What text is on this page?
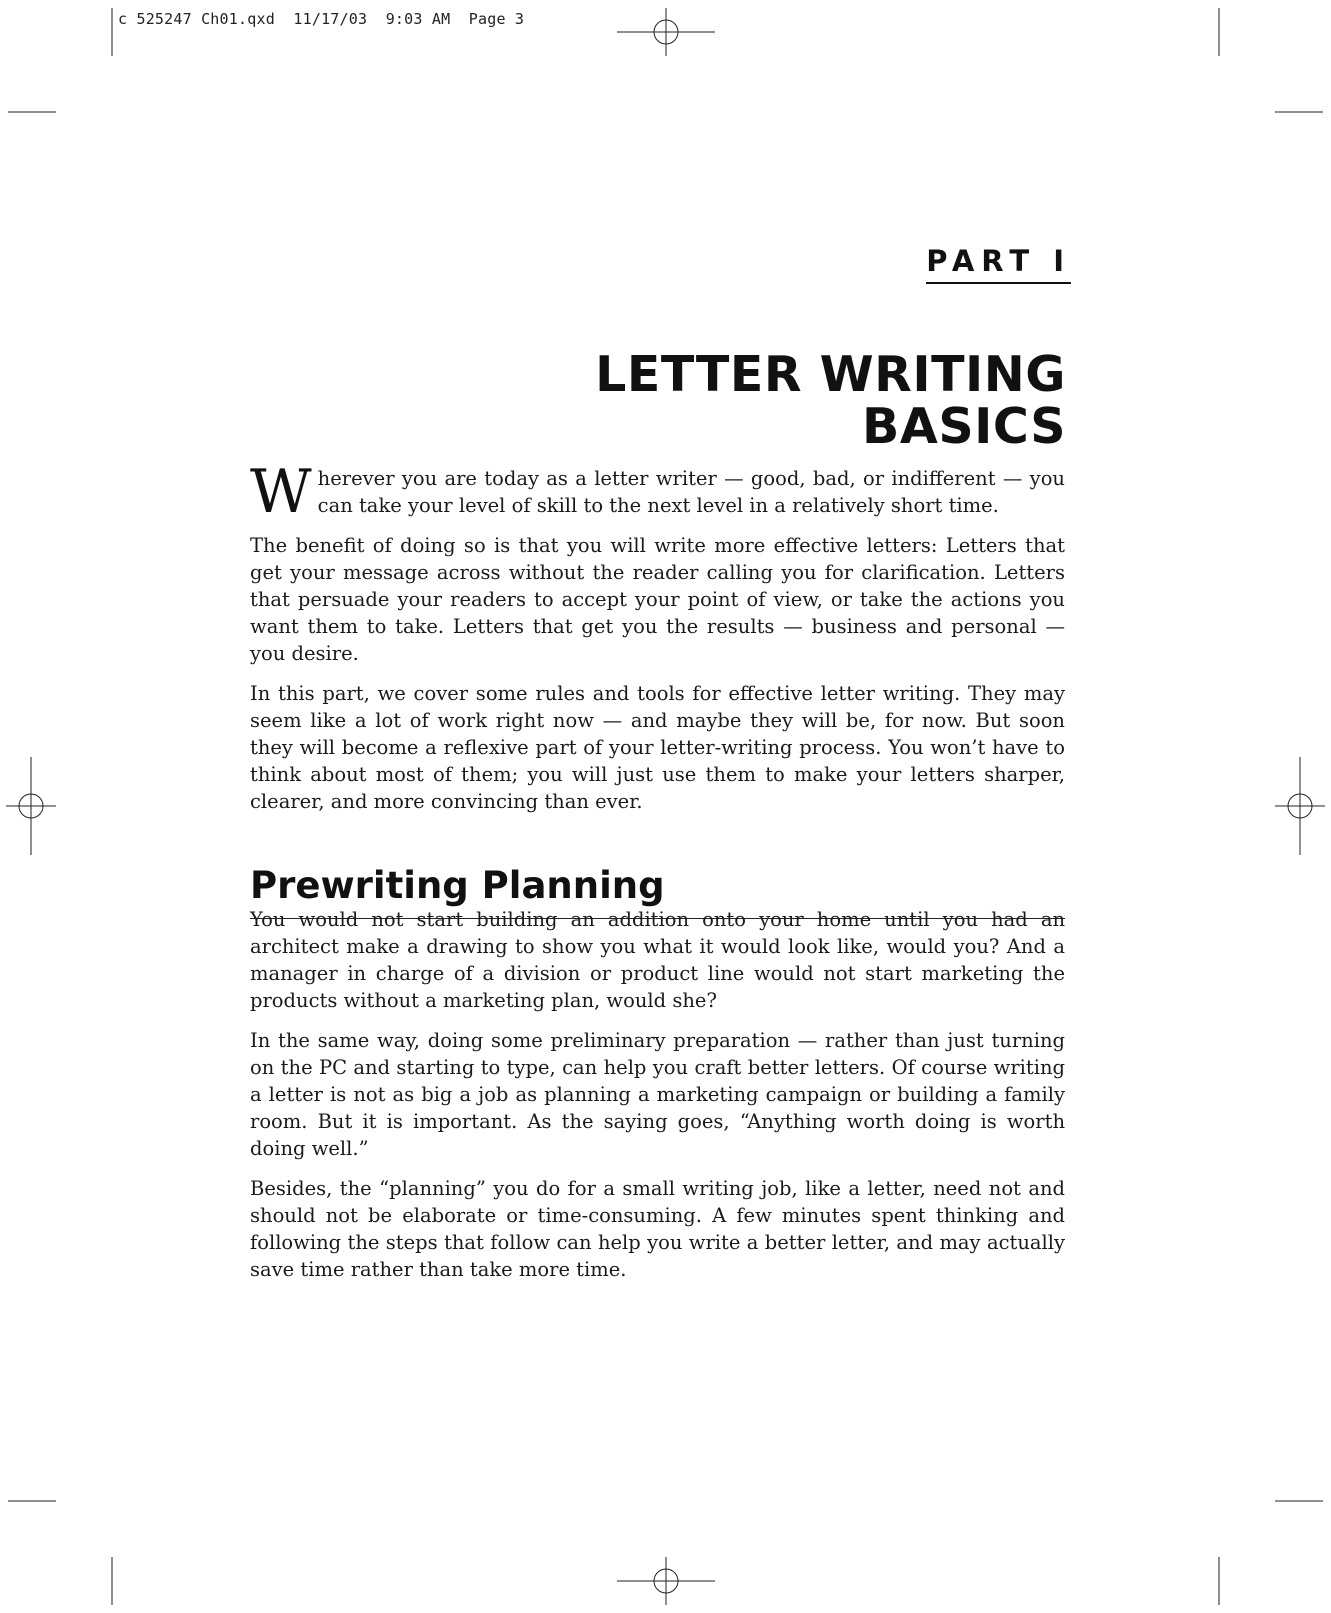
c 525247 Ch01.qxd  11/17/03  9:03 AM  Page 3
PART I
LETTER WRITING
BASICS

Wherever you are today as a letter writer — good, bad, or indifferent — you can take your level of skill to the next level in a relatively short time.

The benefit of doing so is that you will write more effective letters: Letters that get your message across without the reader calling you for clarification. Letters that persuade your readers to accept your point of view, or take the actions you want them to take. Letters that get you the results — business and personal — you desire.

In this part, we cover some rules and tools for effective letter writing. They may seem like a lot of work right now — and maybe they will be, for now. But soon they will become a reflexive part of your letter-writing process. You won’t have to think about most of them; you will just use them to make your letters sharper, clearer, and more convincing than ever.

Prewriting Planning

You would not start building an addition onto your home until you had an architect make a drawing to show you what it would look like, would you? And a manager in charge of a division or product line would not start marketing the products without a marketing plan, would she?

In the same way, doing some preliminary preparation — rather than just turning on the PC and starting to type, can help you craft better letters. Of course writing a letter is not as big a job as planning a marketing campaign or building a family room. But it is important. As the saying goes, “Anything worth doing is worth doing well.”

Besides, the “planning” you do for a small writing job, like a letter, need not and should not be elaborate or time-consuming. A few minutes spent thinking and following the steps that follow can help you write a better letter, and may actually save time rather than take more time.
